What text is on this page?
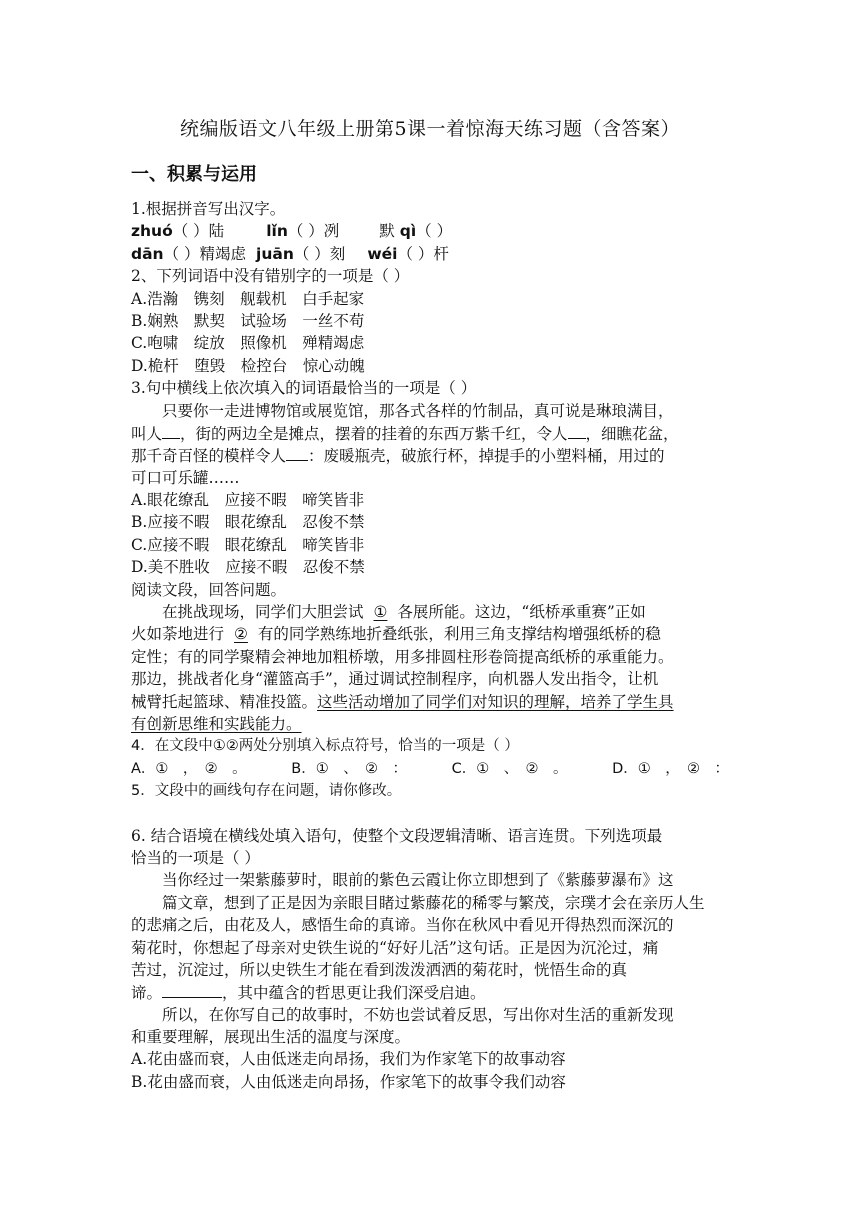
统编版语文八年级上册第5课一着惊海天练习题（含答案）
一、积累与运用
1.根据拼音写出汉字。
zhuó（ ）陆	lǐn（ ）冽	默 qì（ ）
dān（ ）精竭虑 juān（ ）刻 wéi（ ）杆
2、下列词语中没有错别字的一项是（ ）
A.浩瀚　镌刻　舰载机　白手起家
B.娴熟　默契　试验场　一丝不苟
C.咆啸　绽放　照像机　殚精竭虑
D.桅杆　堕毁　检控台　惊心动魄
3.句中横线上依次填入的词语最恰当的一项是（ ）
只要你一走进博物馆或展览馆，那各式各样的竹制品，真可说是琳琅满目，
叫人 ，街的两边全是摊点，摆着的挂着的东西万紫千红，令人 ，细瞧花盆，
那千奇百怪的模样令人 ：废暖瓶壳，破旅行杯，掉提手的小塑料桶，用过的
可口可乐罐……
A.眼花缭乱　应接不暇　啼笑皆非
B.应接不暇　眼花缭乱　忍俊不禁
C.应接不暇　眼花缭乱　啼笑皆非
D.美不胜收　应接不暇　忍俊不禁
阅读文段，回答问题。
在挑战现场，同学们大胆尝试 ① 各展所能。这边，“纸桥承重赛”正如
火如荼地进行 ② 有的同学熟练地折叠纸张，利用三角支撑结构增强纸桥的稳
定性；有的同学聚精会神地加粗桥墩，用多排圆柱形卷筒提高纸桥的承重能力。
那边，挑战者化身“灌篮高手”，通过调试控制程序，向机器人发出指令，让机
械臂托起篮球、精准投篮。这些活动增加了同学们对知识的理解，培养了学生具
有创新思维和实践能力。
4．在文段中①②两处分别填入标点符号，恰当的一项是（ ）
A．①　，　②　。	B．①　、　②　：	C．①　、　②　。	D．①　，　②　：
5．文段中的画线句存在问题，请你修改。
6. 结合语境在横线处填入语句，使整个文段逻辑清晰、语言连贯。下列选项最
恰当的一项是（ ）
当你经过一架紫藤萝时，眼前的紫色云霞让你立即想到了《紫藤萝瀑布》这
篇文章，想到了正是因为亲眼目睹过紫藤花的稀零与繁茂，宗璞才会在亲历人生
的悲痛之后，由花及人，感悟生命的真谛。当你在秋风中看见开得热烈而深沉的
菊花时，你想起了母亲对史铁生说的“好好儿活”这句话。正是因为沉沦过，痛
苦过，沉淀过，所以史铁生才能在看到泼泼洒洒的菊花时，恍悟生命的真
谛。	，其中蕴含的哲思更让我们深受启迪。
所以，在你写自己的故事时，不妨也尝试着反思，写出你对生活的重新发现
和重要理解，展现出生活的温度与深度。
A.花由盛而衰，人由低迷走向昂扬，我们为作家笔下的故事动容
B.花由盛而衰，人由低迷走向昂扬，作家笔下的故事令我们动容
